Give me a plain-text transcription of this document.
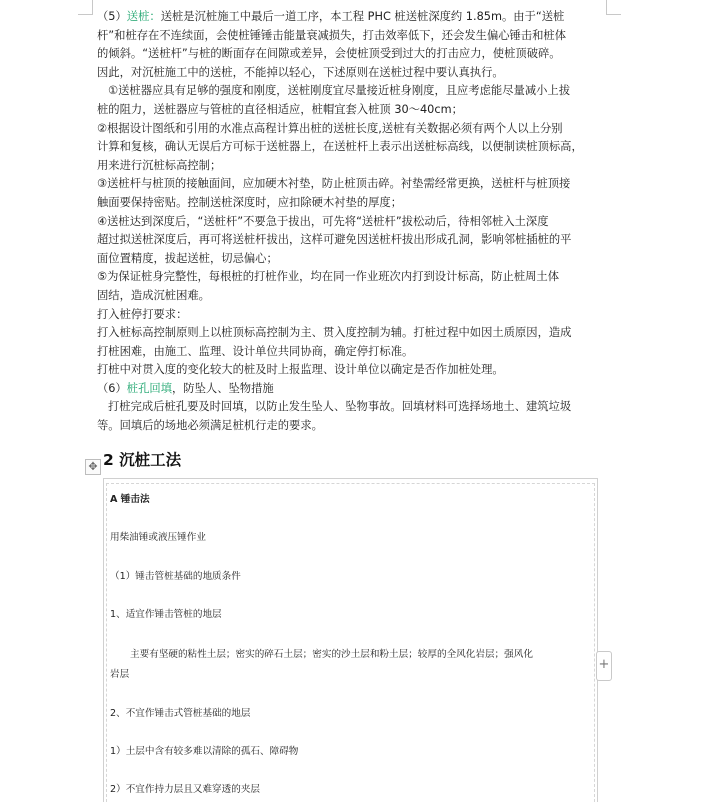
（5）送桩：送桩是沉桩施工中最后一道工序，本工程 PHC 桩送桩深度约 1.85m。由于“送桩
杆”和桩存在不连续面，会使桩锤锤击能量衰减损失，打击效率低下，还会发生偏心锤击和桩体
的倾斜。“送桩杆”与桩的断面存在间隙或差异，会使桩顶受到过大的打击应力，使桩顶破碎。
因此，对沉桩施工中的送桩，不能掉以轻心，下述原则在送桩过程中要认真执行。
①送桩器应具有足够的强度和刚度，送桩刚度宜尽量接近桩身刚度，且应考虑能尽量减小上拔
桩的阻力，送桩器应与管桩的直径相适应，桩帽宜套入桩顶 30～40cm；
②根据设计图纸和引用的水准点高程计算出桩的送桩长度,送桩有关数据必须有两个人以上分别
计算和复核，确认无误后方可标于送桩器上，在送桩杆上表示出送桩标高线，以便制读桩顶标高，
用来进行沉桩标高控制；
③送桩杆与桩顶的接触面间，应加硬木衬垫，防止桩顶击碎。衬垫需经常更换，送桩杆与桩顶接
触面要保持密贴。控制送桩深度时，应扣除硬木衬垫的厚度；
④送桩达到深度后，“送桩杆”不要急于拔出，可先将“送桩杆”拔松动后，待相邻桩入土深度
超过拟送桩深度后，再可将送桩杆拔出，这样可避免因送桩杆拔出形成孔洞，影响邻桩插桩的平
面位置精度，拔起送桩，切忌偏心；
⑤为保证桩身完整性，每根桩的打桩作业，均在同一作业班次内打到设计标高，防止桩周土体
固结，造成沉桩困难。
打入桩停打要求：
打入桩标高控制原则上以桩顶标高控制为主、贯入度控制为辅。打桩过程中如因土质原因，造成
打桩困难，由施工、监理、设计单位共同协商，确定停打标准。
打桩中对贯入度的变化较大的桩及时上报监理、设计单位以确定是否作加桩处理。
（6）桩孔回填，防坠人、坠物措施
打桩完成后桩孔要及时回填，以防止发生坠人、坠物事故。回填材料可选择场地土、建筑垃圾
等。回填后的场地必须满足桩机行走的要求。
2 沉桩工法
✥
A 锤击法
用柴油锤或液压锤作业
（1）锤击管桩基础的地质条件
1、适宜作锤击管桩的地层
主要有坚硬的粘性土层；密实的碎石土层；密实的沙土层和粉土层；较厚的全风化岩层；强风化
岩层
2、不宜作锤击式管桩基础的地层
1）土层中含有较多难以清除的孤石、障碍物
2）不宜作持力层且又难穿透的夹层
+
